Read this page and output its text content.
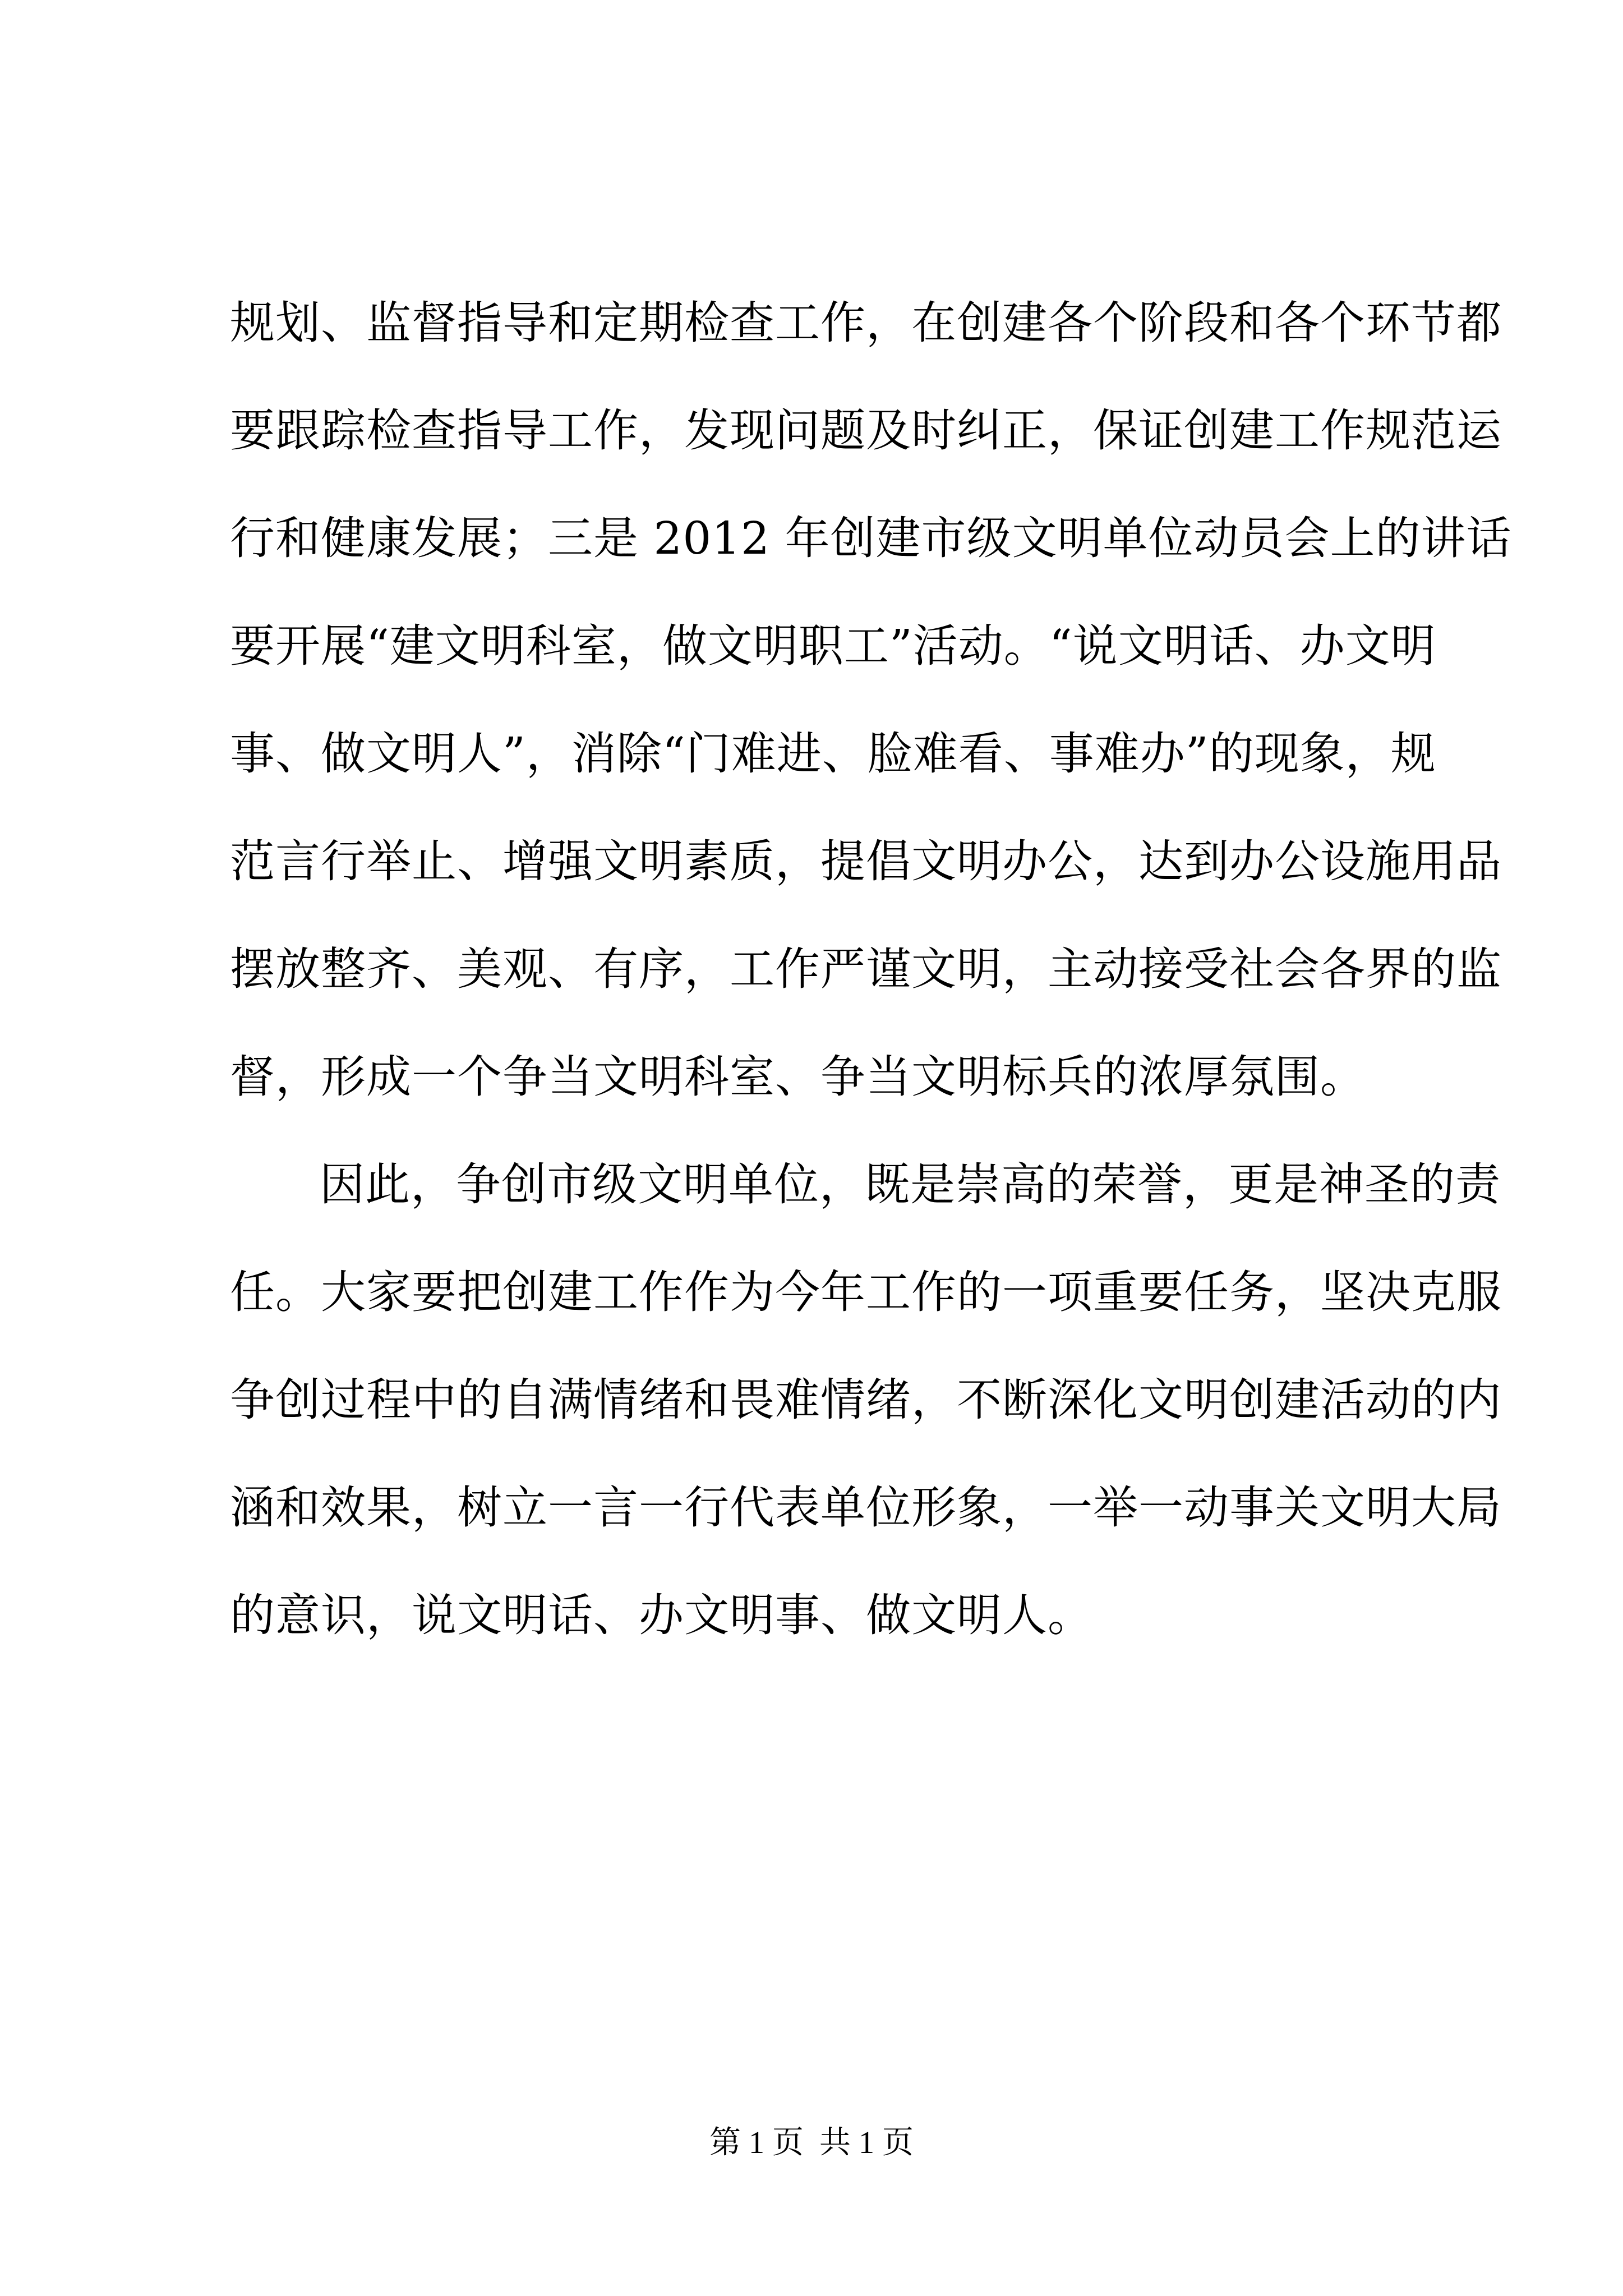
规划、监督指导和定期检查工作，在创建各个阶段和各个环节都
要跟踪检查指导工作，发现问题及时纠正，保证创建工作规范运
行和健康发展；三是 2012 年创建市级文明单位动员会上的讲话
要开展“建文明科室，做文明职工”活动。“说文明话、办文明
事、做文明人”，消除“门难进、脸难看、事难办”的现象，规
范言行举止、增强文明素质，提倡文明办公，达到办公设施用品
摆放整齐、美观、有序，工作严谨文明，主动接受社会各界的监
督，形成一个争当文明科室、争当文明标兵的浓厚氛围。
因此，争创市级文明单位，既是崇高的荣誉，更是神圣的责
任。大家要把创建工作作为今年工作的一项重要任务，坚决克服
争创过程中的自满情绪和畏难情绪，不断深化文明创建活动的内
涵和效果，树立一言一行代表单位形象，一举一动事关文明大局
的意识，说文明话、办文明事、做文明人。
第 1 页  共 1 页
